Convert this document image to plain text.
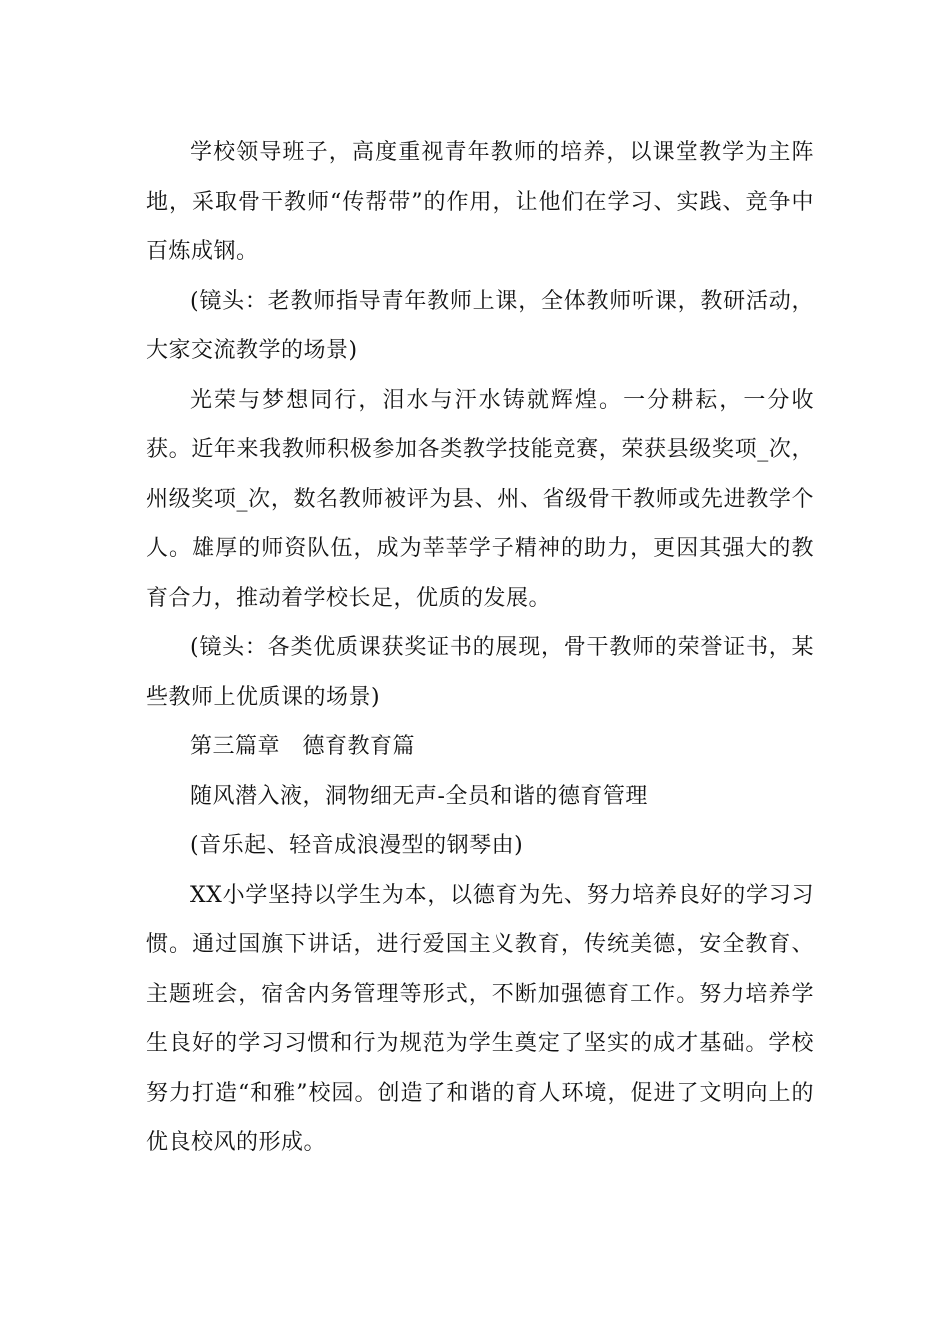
学校领导班子，高度重视青年教师的培养，以课堂教学为主阵地，采取骨干教师“传帮带”的作用，让他们在学习、实践、竞争中百炼成钢。

(镜头：老教师指导青年教师上课，全体教师听课，教研活动，大家交流教学的场景)

光荣与梦想同行，泪水与汗水铸就辉煌。一分耕耘，一分收获。近年来我教师积极参加各类教学技能竞赛，荣获县级奖项_次，州级奖项_次，数名教师被评为县、州、省级骨干教师或先进教学个人。雄厚的师资队伍，成为莘莘学子精神的助力，更因其强大的教育合力，推动着学校长足，优质的发展。

(镜头：各类优质课获奖证书的展现，骨干教师的荣誉证书，某些教师上优质课的场景)

第三篇章　德育教育篇

随风潜入液，洞物细无声-全员和谐的德育管理

(音乐起、轻音成浪漫型的钢琴由)

XX小学坚持以学生为本，以德育为先、努力培养良好的学习习惯。通过国旗下讲话，进行爱国主义教育，传统美德，安全教育、主题班会，宿舍内务管理等形式，不断加强德育工作。努力培养学生良好的学习习惯和行为规范为学生奠定了坚实的成才基础。学校努力打造“和雅”校园。创造了和谐的育人环境，促进了文明向上的优良校风的形成。
